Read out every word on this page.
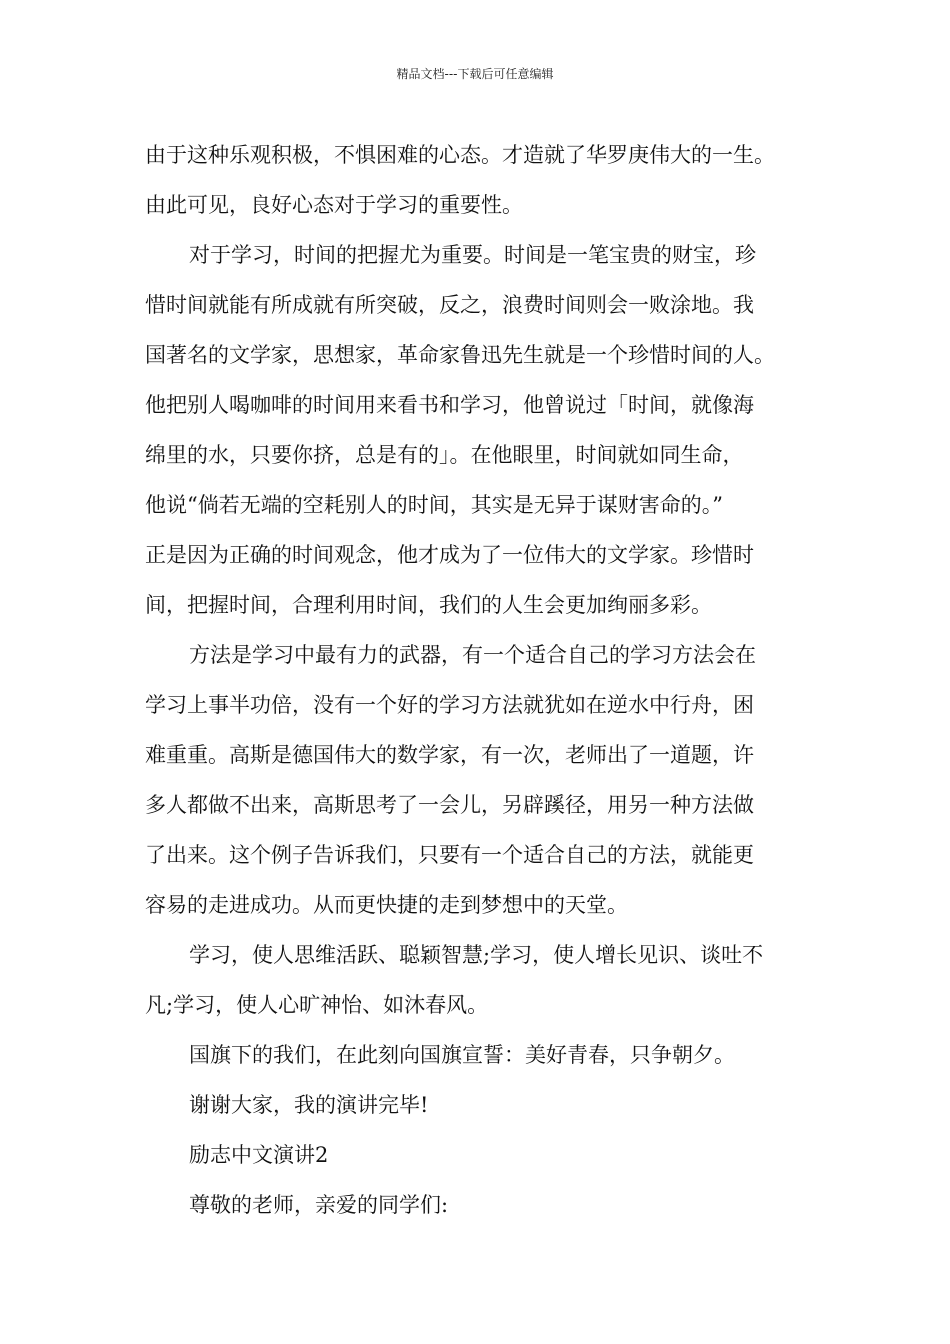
精品文档---下载后可任意编辑
由于这种乐观积极，不惧困难的心态。才造就了华罗庚伟大的一生。
由此可见，良好心态对于学习的重要性。
对于学习，时间的把握尤为重要。时间是一笔宝贵的财宝，珍
惜时间就能有所成就有所突破，反之，浪费时间则会一败涂地。我
国著名的文学家，思想家，革命家鲁迅先生就是一个珍惜时间的人。
他把别人喝咖啡的时间用来看书和学习，他曾说过「时间，就像海
绵里的水，只要你挤，总是有的」。在他眼里，时间就如同生命，
他说“倘若无端的空耗别人的时间，其实是无异于谋财害命的。”
正是因为正确的时间观念，他才成为了一位伟大的文学家。珍惜时
间，把握时间，合理利用时间，我们的人生会更加绚丽多彩。
方法是学习中最有力的武器，有一个适合自己的学习方法会在
学习上事半功倍，没有一个好的学习方法就犹如在逆水中行舟，困
难重重。高斯是德国伟大的数学家，有一次，老师出了一道题，许
多人都做不出来，高斯思考了一会儿，另辟蹊径，用另一种方法做
了出来。这个例子告诉我们，只要有一个适合自己的方法，就能更
容易的走进成功。从而更快捷的走到梦想中的天堂。
学习，使人思维活跃、聪颖智慧;学习，使人增长见识、谈吐不
凡;学习，使人心旷神怡、如沐春风。
国旗下的我们，在此刻向国旗宣誓：美好青春，只争朝夕。
谢谢大家，我的演讲完毕!
励志中文演讲2
尊敬的老师，亲爱的同学们:
